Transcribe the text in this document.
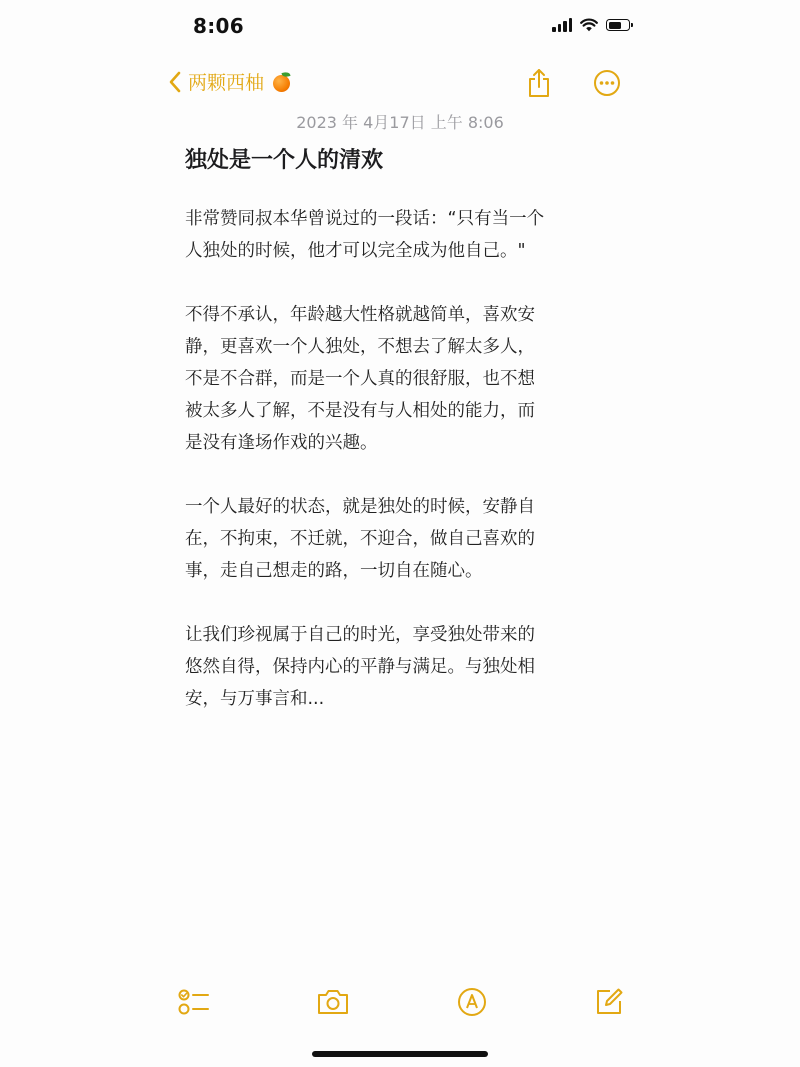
8:06
两颗西柚
2023 年 4月17日 上午 8:06
独处是一个人的清欢

非常赞同叔本华曾说过的一段话：“只有当一个
人独处的时候，他才可以完全成为他自己。"

不得不承认，年龄越大性格就越简单，喜欢安
静，更喜欢一个人独处，不想去了解太多人，
不是不合群，而是一个人真的很舒服，也不想
被太多人了解，不是没有与人相处的能力，而
是没有逢场作戏的兴趣。

一个人最好的状态，就是独处的时候，安静自
在，不拘束，不迁就，不迎合，做自己喜欢的
事，走自己想走的路，一切自在随心。

让我们珍视属于自己的时光，享受独处带来的
悠然自得，保持内心的平静与满足。与独处相
安，与万事言和...
